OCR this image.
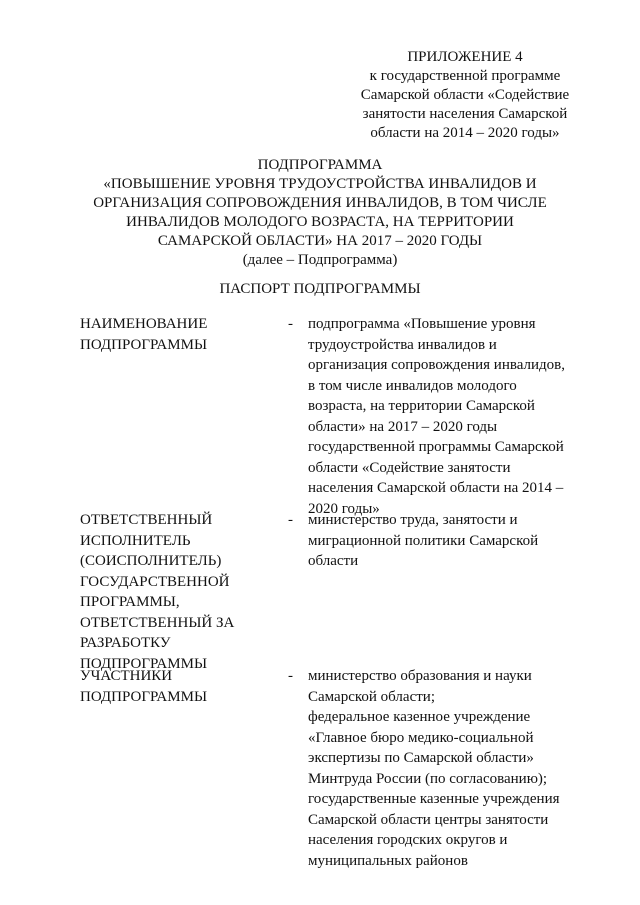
ПРИЛОЖЕНИЕ 4
к государственной программе
Самарской области «Содействие
занятости населения Самарской
области на 2014 – 2020 годы»
ПОДПРОГРАММА
«ПОВЫШЕНИЕ УРОВНЯ ТРУДОУСТРОЙСТВА ИНВАЛИДОВ И
ОРГАНИЗАЦИЯ СОПРОВОЖДЕНИЯ ИНВАЛИДОВ, В ТОМ ЧИСЛЕ
ИНВАЛИДОВ МОЛОДОГО ВОЗРАСТА, НА ТЕРРИТОРИИ
САМАРСКОЙ ОБЛАСТИ» НА 2017 – 2020 ГОДЫ
(далее – Подпрограмма)
ПАСПОРТ ПОДПРОГРАММЫ
НАИМЕНОВАНИЕ
ПОДПРОГРАММЫ
- подпрограмма «Повышение уровня
трудоустройства инвалидов и
организация сопровождения инвалидов,
в том числе инвалидов молодого
возраста, на территории Самарской
области» на 2017 – 2020 годы
государственной программы Самарской
области «Содействие занятости
населения Самарской области на 2014 –
2020 годы»
ОТВЕТСТВЕННЫЙ
ИСПОЛНИТЕЛЬ
(СОИСПОЛНИТЕЛЬ)
ГОСУДАРСТВЕННОЙ
ПРОГРАММЫ,
ОТВЕТСТВЕННЫЙ ЗА
РАЗРАБОТКУ
ПОДПРОГРАММЫ
- министерство труда, занятости и
миграционной политики Самарской
области
УЧАСТНИКИ
ПОДПРОГРАММЫ
- министерство образования и науки
Самарской области;
федеральное казенное учреждение
«Главное бюро медико-социальной
экспертизы по Самарской области»
Минтруда России (по согласованию);
государственные казенные учреждения
Самарской области центры занятости
населения городских округов и
муниципальных районов
